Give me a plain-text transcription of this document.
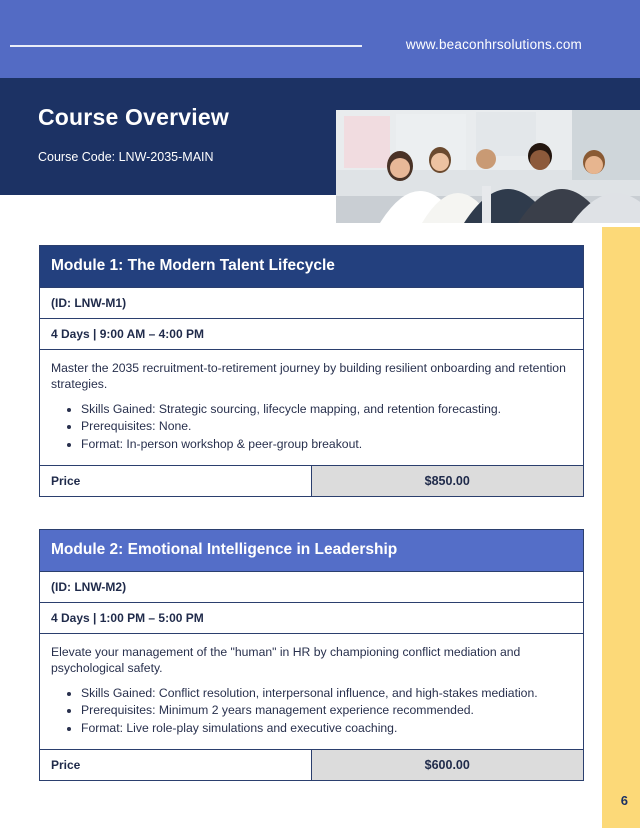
www.beaconhrsolutions.com
Course Overview
Course Code: LNW-2035-MAIN
Module 1: The Modern Talent Lifecycle
(ID: LNW-M1)
4 Days | 9:00 AM – 4:00 PM

Master the 2035 recruitment-to-retirement journey by building resilient onboarding and retention strategies.

• Skills Gained: Strategic sourcing, lifecycle mapping, and retention forecasting.
• Prerequisites: None.
• Format: In-person workshop & peer-group breakout.
Price	$850.00
Module 2: Emotional Intelligence in Leadership
(ID: LNW-M2)
4 Days | 1:00 PM – 5:00 PM

Elevate your management of the "human" in HR by championing conflict mediation and psychological safety.

• Skills Gained: Conflict resolution, interpersonal influence, and high-stakes mediation.
• Prerequisites: Minimum 2 years management experience recommended.
• Format: Live role-play simulations and executive coaching.
Price	$600.00
6
